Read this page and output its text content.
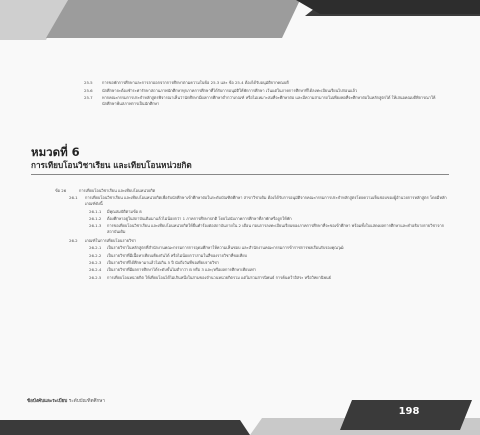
25.5	การขอพักการศึกษาและการลาออกจากการศึกษาตามความในข้อ 25.3 และ ข้อ 25.4 ต้องได้รับอนุมัติจากคณบดี
25.6	นักศึกษาจะต้องชำระค่ารักษาสถานภาพนักศึกษาทุกภาคการศึกษาที่ได้รับการอนุมัติให้พักการศึกษา เว้นแต่ในภาคการศึกษาที่ได้ลงทะเบียนเรียนไปก่อนแล้ว
25.7	หากคณะกรรมการประจำหลักสูตรพิจารณาเห็นว่านักศึกษามีผลการศึกษาต่ำกว่าเกณฑ์ หรือไม่เหมาะสมที่จะศึกษาต่อ และมีความสามารถไม่เพียงพอที่จะศึกษาต่อในหลักสูตรได้ ให้เสนอคณบดีพิจารณาให้นักศึกษาพ้นสภาพการเป็นนักศึกษา
หมวดที่ 6
การเทียบโอนวิชาเรียน และเทียบโอนหน่วยกิต
ข้อ 26	การเทียบโอนวิชาเรียน และเทียบโอนหน่วยกิต
26.1	การเทียบโอนวิชาเรียน และเทียบโอนหน่วยกิตเพื่อรับนักศึกษาเข้าศึกษาต่อในระดับบัณฑิตศึกษา สาขาวิชาเดิม ต้องได้รับการอนุมัติจากคณะกรรมการประจำหลักสูตรโดยความเห็นชอบของผู้อำนวยการหลักสูตร โดยมีหลักเกณฑ์ดังนี้
26.1.1	มีคุณสมบัติตามข้อ 8
26.1.2	ต้องศึกษาอยู่ในสถาบันเดิมมาแล้วไม่น้อยกว่า 1 ภาคการศึกษาปกติ โดยไม่นับภาคการศึกษาที่ลาพักหรือถูกให้พัก
26.1.3	การขอเทียบโอนวิชาเรียน และเทียบโอนหน่วยกิตให้ยื่นคำร้องต่อสถาบันภายใน 2 เดือน ก่อนการลงทะเบียนเรียนของภาคการศึกษาที่จะขอเข้าศึกษา พร้อมทั้งใบแสดงผลการศึกษาและคำอธิบายรายวิชาจากสถาบันเดิม
26.2	เกณฑ์ในการเทียบโอนรายวิชา
26.2.1	เป็นรายวิชาในหลักสูตรที่สำนักงานคณะกรรมการการอุดมศึกษาให้ความเห็นชอบ และสำนักงานคณะกรรมการข้าราชการพลเรือนรับรองคุณวุฒิ
26.2.2	เป็นรายวิชาที่มีเนื้อหาเทียบเคียงกันได้ หรือไม่น้อยกว่าสามในสี่ของรายวิชาที่ขอเทียบ
26.2.3	เป็นรายวิชาที่ได้ศึกษามาแล้วไม่เกิน 5 ปี นับถึงวันที่ขอเทียบรายวิชา
26.2.4	เป็นรายวิชาที่มีผลการศึกษาได้ระดับขั้นไม่ต่ำกว่า B หรือ 3 และ/หรือผลการศึกษาเทียบเท่า
26.2.5	การเทียบโอนหน่วยกิต ให้เทียบโอนได้ไม่เกินหนึ่งในสามของจำนวนหน่วยกิตรวม แต่ไม่รวมสารนิพนธ์ การค้นคว้าอิสระ หรือวิทยานิพนธ์
ข้อบังคับและระเบียบ ระดับบัณฑิตศึกษา
198
